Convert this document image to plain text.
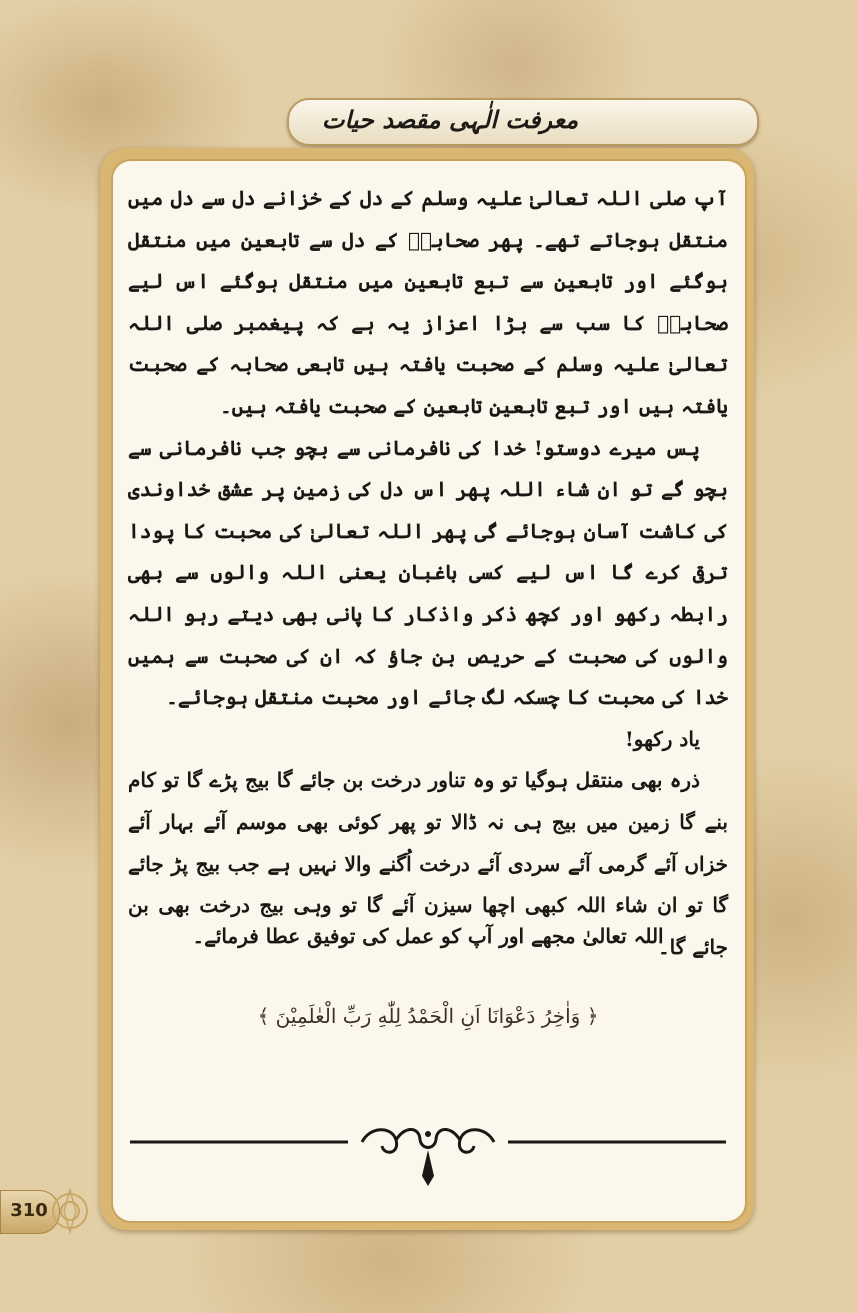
معرفت الٰہی مقصد حیات

آپ صلی اللہ تعالیٰ علیہ وسلم کے دل کے خزانے دل سے دل میں منتقل ہوجاتے تھے۔ پھر صحابہؓ کے دل سے تابعین میں منتقل ہوگئے اور تابعین سے تبع تابعین میں منتقل ہوگئے اس لیے صحابہؓ کا سب سے بڑا اعزاز یہ ہے کہ پیغمبر صلی اللہ تعالیٰ علیہ وسلم کے صحبت یافتہ ہیں تابعی صحابہ کے صحبت یافتہ ہیں اور تبع تابعین تابعین کے صحبت یافتہ ہیں۔

پس میرے دوستو! خدا کی نافرمانی سے بچو جب نافرمانی سے بچو گے تو ان شاء اللہ پھر اس دل کی زمین پر عشق خداوندی کی کاشت آسان ہوجائے گی پھر اللہ تعالیٰ کی محبت کا پودا ترقی کرے گا اس لیے کسی باغبان یعنی اللہ والوں سے بھی رابطہ رکھو اور کچھ ذکر واذکار کا پانی بھی دیتے رہو اللہ والوں کی صحبت کے حریص بن جاؤ کہ ان کی صحبت سے ہمیں خدا کی محبت کا چسکہ لگ جائے اور محبت منتقل ہوجائے۔

یاد رکھو!

ذرہ بھی منتقل ہوگیا تو وہ تناور درخت بن جائے گا بیج پڑے گا تو کام بنے گا زمین میں بیج ہی نہ ڈالا تو پھر کوئی بھی موسم آئے بہار آئے خزاں آئے گرمی آئے سردی آئے درخت اُگنے والا نہیں ہے جب بیج پڑ جائے گا تو ان شاء اللہ کبھی اچھا سیزن آئے گا تو وہی بیج درخت بھی بن جائے گا۔

اللہ تعالیٰ مجھے اور آپ کو عمل کی توفیق عطا فرمائے۔
﴿ وَاٰخِرُ دَعْوَانَا اَنِ الْحَمْدُ لِلّٰهِ رَبِّ الْعٰلَمِيْنَ ﴾
310
